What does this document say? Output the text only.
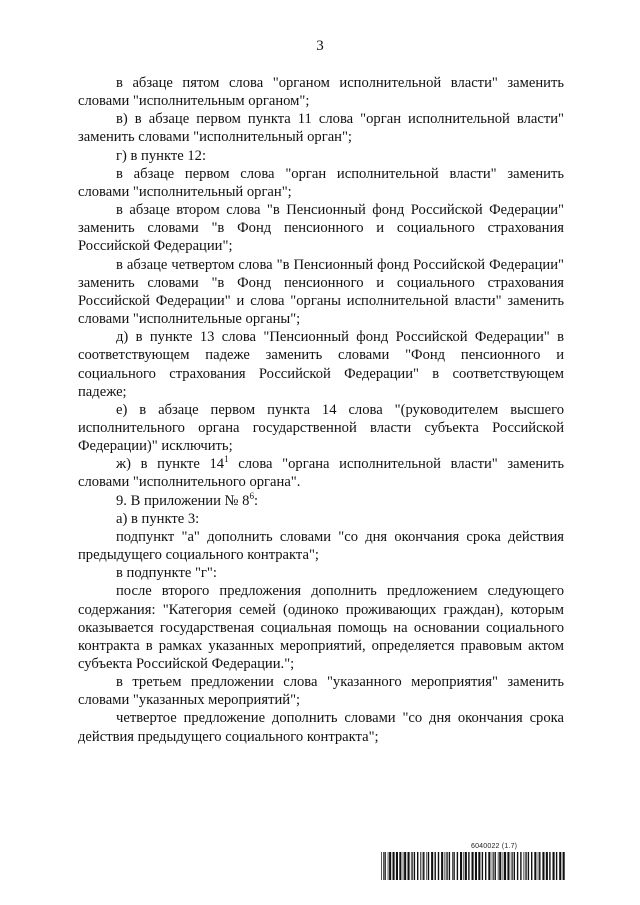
3

в абзаце пятом слова "органом исполнительной власти" заменить словами "исполнительным органом";

в) в абзаце первом пункта 11 слова "орган исполнительной власти" заменить словами "исполнительный орган";

г) в пункте 12:

в абзаце первом слова "орган исполнительной власти" заменить словами "исполнительный орган";

в абзаце втором слова "в Пенсионный фонд Российской Федерации" заменить словами "в Фонд пенсионного и социального страхования Российской Федерации";

в абзаце четвертом слова "в Пенсионный фонд Российской Федерации" заменить словами "в Фонд пенсионного и социального страхования Российской Федерации" и слова "органы исполнительной власти" заменить словами "исполнительные органы";

д) в пункте 13 слова "Пенсионный фонд Российской Федерации" в соответствующем падеже заменить словами "Фонд пенсионного и социального страхования Российской Федерации" в соответствующем падеже;

е) в абзаце первом пункта 14 слова "(руководителем высшего исполнительного органа государственной власти субъекта Российской Федерации)" исключить;

ж) в пункте $14^1$ слова "органа исполнительной власти" заменить словами "исполнительного органа".

9. В приложении № $8^6$:

а) в пункте 3:

подпункт "а" дополнить словами "со дня окончания срока действия предыдущего социального контракта";

в подпункте "г":

после второго предложения дополнить предложением следующего содержания: "Категория семей (одиноко проживающих граждан), которым оказывается государственая социальная помощь на основании социального контракта в рамках указанных мероприятий, определяется правовым актом субъекта Российской Федерации.";

в третьем предложении слова "указанного мероприятия" заменить словами "указанных мероприятий";

четвертое предложение дополнить словами "со дня окончания срока действия предыдущего социального контракта";

6040022 (1.7)
